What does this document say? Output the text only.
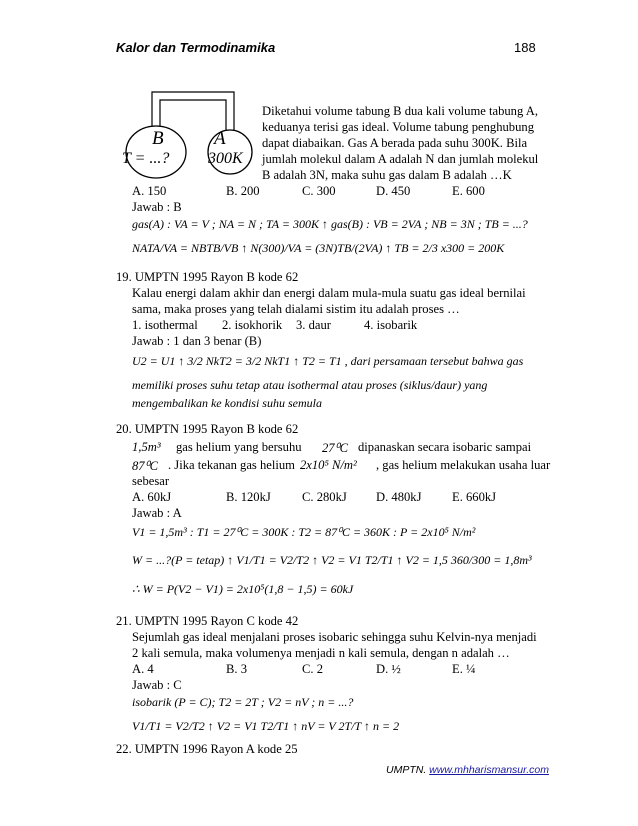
Kalor dan Termodinamika	188
B	A
T = ...? 300K
Diketahui volume tabung B dua kali volume tabung A,
keduanya terisi gas ideal. Volume tabung penghubung
dapat diabaikan. Gas A berada pada suhu 300K. Bila
jumlah molekul dalam A adalah N dan jumlah molekul
B adalah 3N, maka suhu gas dalam B adalah …K
A. 150	B. 200	C. 300	D. 450	E. 600
Jawab : B
gas(A) : VA = V ; NA = N ; TA = 300K ↑ gas(B) : VB = 2VA ; NB = 3N ; TB = ...?
NATA/VA = NBTB/VB ↑ N(300)/VA = (3N)TB/(2VA) ↑ TB = 2/3 x300 = 200K
19. UMPTN 1995 Rayon B kode 62
Kalau energi dalam akhir dan energi dalam mula-mula suatu gas ideal bernilai
sama, maka proses yang telah dialami sistim itu adalah proses …
1. isothermal 2. isokhorik 3. daur	4. isobarik
Jawab : 1 dan 3 benar (B)
U2 = U1 ↑ 3/2 NkT2 = 3/2 NkT1 ↑ T2 = T1 , dari persamaan tersebut bahwa gas
memiliki proses suhu tetap atau isothermal atau proses (siklus/daur) yang
mengembalikan ke kondisi suhu semula
20. UMPTN 1995 Rayon B kode 62
1,5m³ gas helium yang bersuhu 27⁰C dipanaskan secara isobaric sampai
87⁰C . Jika tekanan gas helium 2x10⁵ N/m² , gas helium melakukan usaha luar
sebesar
A. 60kJ	B. 120kJ C. 280kJ D. 480kJ E. 660kJ
Jawab : A
V1 = 1,5m³ : T1 = 27⁰C = 300K : T2 = 87⁰C = 360K : P = 2x10⁵ N/m²
W = ...?(P = tetap) ↑ V1/T1 = V2/T2 ↑ V2 = V1 T2/T1 ↑ V2 = 1,5 360/300 = 1,8m³
∴ W = P(V2 − V1) = 2x10⁵(1,8 − 1,5) = 60kJ
21. UMPTN 1995 Rayon C kode 42
Sejumlah gas ideal menjalani proses isobaric sehingga suhu Kelvin-nya menjadi
2 kali semula, maka volumenya menjadi n kali semula, dengan n adalah …
A. 4	B. 3	C. 2	D. ½	E. ¼
Jawab : C
isobarik (P = C); T2 = 2T ; V2 = nV ; n = ...?
V1/T1 = V2/T2 ↑ V2 = V1 T2/T1 ↑ nV = V 2T/T ↑ n = 2
22. UMPTN 1996 Rayon A kode 25
UMPTN. www.mhharismansur.com
